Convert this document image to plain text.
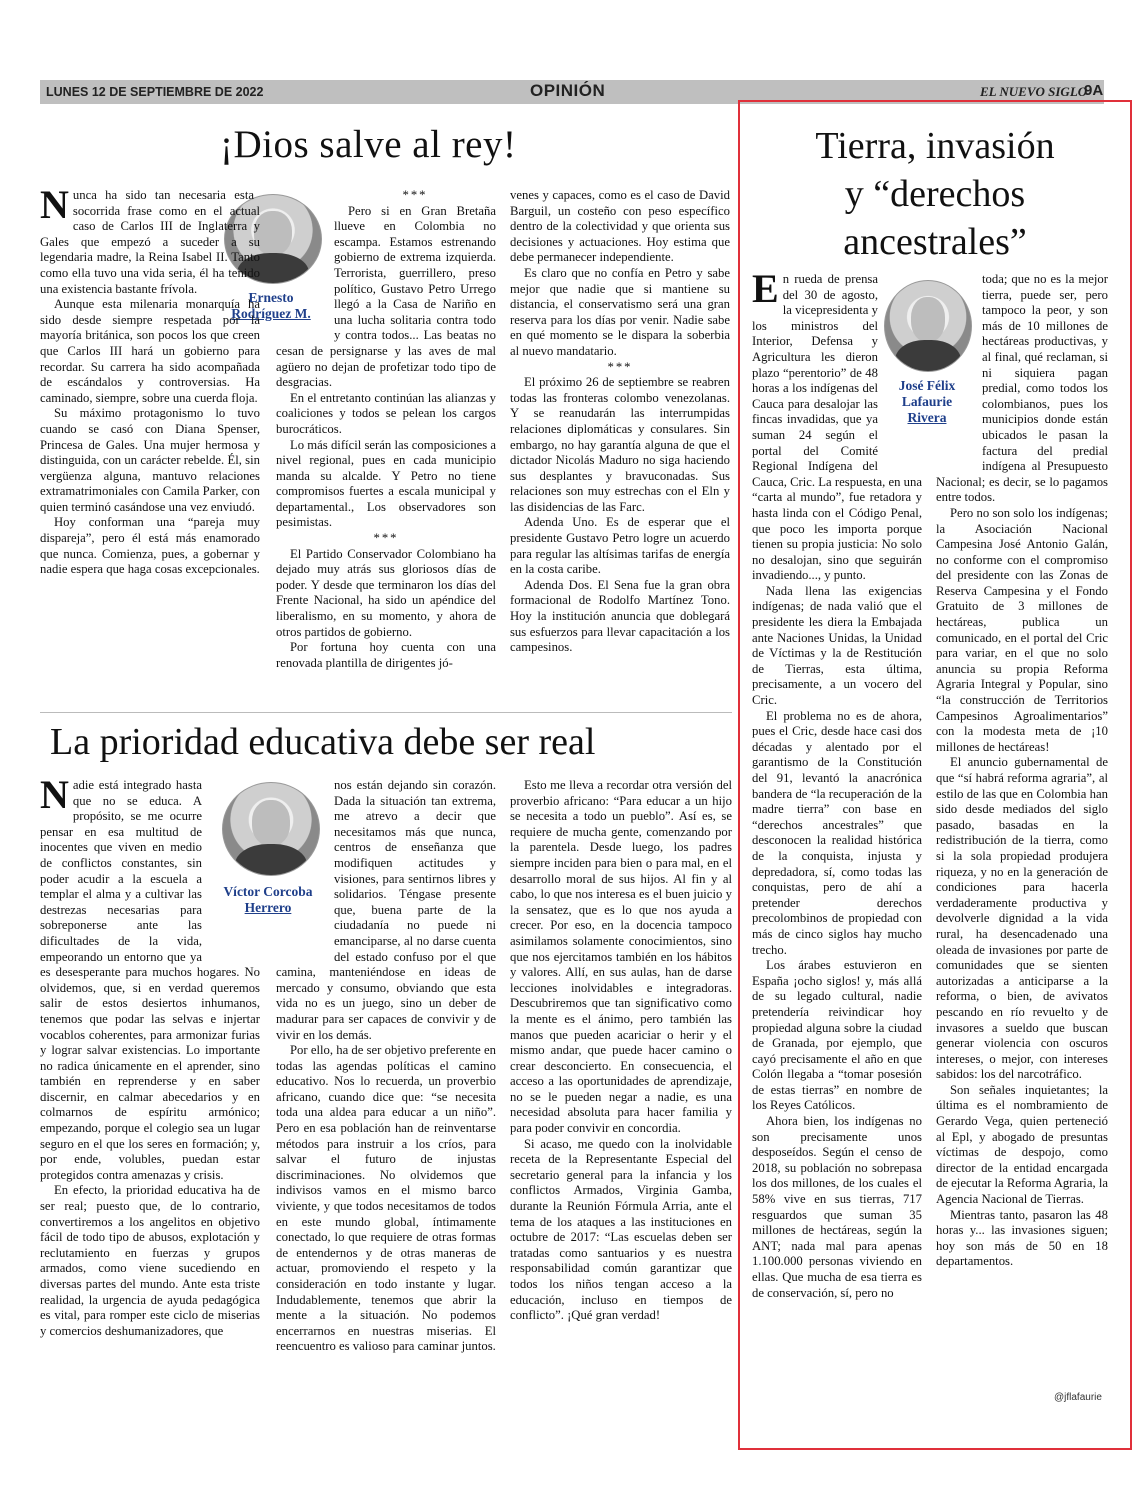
LUNES 12 DE SEPTIEMBRE DE 2022	OPINIÓN	EL NUEVO SIGLO
9A
¡Dios salve al rey!
Ernesto
Rodríguez M.

Nunca ha sido tan necesaria esta socorrida frase como en el actual caso de Carlos III de Inglaterra y Gales que empezó a suceder a su legendaria madre, la Reina Isabel II. Tanto como ella tuvo una vida seria, él ha tenido una existencia bastante frívola.

Aunque esta milenaria monarquía ha sido desde siempre respetada por la mayoría británica, son pocos los que creen que Carlos III hará un gobierno para recordar. Su carrera ha sido acompañada de escándalos y controversias. Ha caminado, siempre, sobre una cuerda floja.

Su máximo protagonismo lo tuvo cuando se casó con Diana Spenser, Princesa de Gales. Una mujer hermosa y distinguida, con un carácter rebelde. Él, sin vergüenza alguna, mantuvo relaciones extramatrimoniales con Camila Parker, con quien terminó casándose una vez enviudó.

Hoy conforman una “pareja muy dispareja”, pero él está más enamorado que nunca. Comienza, pues, a gobernar y nadie espera que haga cosas excepcionales.

***

Pero si en Gran Bretaña llueve en Colombia no escampa. Estamos estrenando gobierno de extrema izquierda. Terrorista, guerrillero, preso político, Gustavo Petro Urrego llegó a la Casa de Nariño en una lucha solitaria contra todo y contra todos... Las beatas no cesan de persignarse y las aves de mal agüero no dejan de profetizar todo tipo de desgracias.

En el entretanto continúan las alianzas y coaliciones y todos se pelean los cargos burocráticos.

Lo más difícil serán las composiciones a nivel regional, pues en cada municipio manda su alcalde. Y Petro no tiene compromisos fuertes a escala municipal y departamental., Los observadores son pesimistas.

***

El Partido Conservador Colombiano ha dejado muy atrás sus gloriosos días de poder. Y desde que terminaron los días del Frente Nacional, ha sido un apéndice del liberalismo, en su momento, y ahora de otros partidos de gobierno.

Por fortuna hoy cuenta con una renovada plantilla de dirigentes jó-

venes y capaces, como es el caso de David Barguil, un costeño con peso específico dentro de la colectividad y que orienta sus decisiones y actuaciones. Hoy estima que debe permanecer independiente.

Es claro que no confía en Petro y sabe mejor que nadie que si mantiene su distancia, el conservatismo será una gran reserva para los días por venir. Nadie sabe en qué momento se le dispara la soberbia al nuevo mandatario.

***

El próximo 26 de septiembre se reabren todas las fronteras colombo venezolanas. Y se reanudarán las interrumpidas relaciones diplomáticas y consulares. Sin embargo, no hay garantía alguna de que el dictador Nicolás Maduro no siga haciendo sus desplantes y bravuconadas. Sus relaciones son muy estrechas con el Eln y las disidencias de las Farc.

Adenda Uno. Es de esperar que el presidente Gustavo Petro logre un acuerdo para regular las altísimas tarifas de energía en la costa caribe.

Adenda Dos. El Sena fue la gran obra formacional de Rodolfo Martínez Tono. Hoy la institución anuncia que doblegará sus esfuerzos para llevar capacitación a los campesinos.

La prioridad educativa debe ser real
Víctor Corcoba
Herrero

Nadie está integrado hasta que no se educa. A propósito, se me ocurre pensar en esa multitud de inocentes que viven en medio de conflictos constantes, sin poder acudir a la escuela a templar el alma y a cultivar las destrezas necesarias para sobreponerse ante las dificultades de la vida, empeorando un entorno que ya es desesperante para muchos hogares. No olvidemos, que, si en verdad queremos salir de estos desiertos inhumanos, tenemos que podar las selvas e injertar vocablos coherentes, para armonizar furias y lograr salvar existencias. Lo importante no radica únicamente en el aprender, sino también en reprenderse y en saber discernir, en calmar abecedarios y en colmarnos de espíritu armónico; empezando, porque el colegio sea un lugar seguro en el que los seres en formación; y, por ende, volubles, puedan estar protegidos contra amenazas y crisis.

En efecto, la prioridad educativa ha de ser real; puesto que, de lo contrario, convertiremos a los angelitos en objetivo fácil de todo tipo de abusos, explotación y reclutamiento en fuerzas y grupos armados, como viene sucediendo en diversas partes del mundo. Ante esta triste realidad, la urgencia de ayuda pedagógica es vital, para romper este ciclo de miserias y comercios deshumanizadores, que

nos están dejando sin corazón. Dada la situación tan extrema, me atrevo a decir que necesitamos más que nunca, centros de enseñanza que modifiquen actitudes y visiones, para sentirnos libres y solidarios. Téngase presente que, buena parte de la ciudadanía no puede ni emanciparse, al no darse cuenta del estado confuso por el que camina, manteniéndose en ideas de mercado y consumo, obviando que esta vida no es un juego, sino un deber de madurar para ser capaces de convivir y de vivir en los demás.

Por ello, ha de ser objetivo preferente en todas las agendas políticas el camino educativo. Nos lo recuerda, un proverbio africano, cuando dice que: “se necesita toda una aldea para educar a un niño”. Pero en esa población han de reinventarse métodos para instruir a los críos, para salvar el futuro de injustas discriminaciones. No olvidemos que indivisos vamos en el mismo barco viviente, y que todos necesitamos de todos en este mundo global, íntimamente conectado, lo que requiere de otras formas de entendernos y de otras maneras de actuar, promoviendo el respeto y la consideración en todo instante y lugar. Indudablemente, tenemos que abrir la mente a la situación. No podemos encerrarnos en nuestras miserias. El reencuentro es valioso para caminar juntos.

Esto me lleva a recordar otra versión del proverbio africano: “Para educar a un hijo se necesita a todo un pueblo”. Así es, se requiere de mucha gente, comenzando por la parentela. Desde luego, los padres siempre inciden para bien o para mal, en el desarrollo moral de sus hijos. Al fin y al cabo, lo que nos interesa es el buen juicio y la sensatez, que es lo que nos ayuda a crecer. Por eso, en la docencia tampoco asimilamos solamente conocimientos, sino que nos ejercitamos también en los hábitos y valores. Allí, en sus aulas, han de darse lecciones inolvidables e integradoras. Descubriremos que tan significativo como la mente es el ánimo, pero también las manos que pueden acariciar o herir y el mismo andar, que puede hacer camino o crear desconcierto. En consecuencia, el acceso a las oportunidades de aprendizaje, no se le pueden negar a nadie, es una necesidad absoluta para hacer familia y para poder convivir en concordia.

Si acaso, me quedo con la inolvidable receta de la Representante Especial del secretario general para la infancia y los conflictos Armados, Virginia Gamba, durante la Reunión Fórmula Arria, ante el tema de los ataques a las instituciones en octubre de 2017: “Las escuelas deben ser tratadas como santuarios y es nuestra responsabilidad común garantizar que todos los niños tengan acceso a la educación, incluso en tiempos de conflicto”. ¡Qué gran verdad!

Tierra, invasión
y “derechos
ancestrales”
José Félix
Lafaurie
Rivera

En rueda de prensa del 30 de agosto, la vicepresidenta y los ministros del Interior, Defensa y Agricultura les dieron plazo “perentorio” de 48 horas a los indígenas del Cauca para desalojar las fincas invadidas, que ya suman 24 según el portal del Comité Regional Indígena del Cauca, Cric. La respuesta, en una “carta al mundo”, fue retadora y hasta linda con el Código Penal, que poco les importa porque tienen su propia justicia: No solo no desalojan, sino que seguirán invadiendo..., y punto.

Nada llena las exigencias indígenas; de nada valió que el presidente les diera la Embajada ante Naciones Unidas, la Unidad de Víctimas y la de Restitución de Tierras, esta última, precisamente, a un vocero del Cric.

El problema no es de ahora, pues el Cric, desde hace casi dos décadas y alentado por el garantismo de la Constitución del 91, levantó la anacrónica bandera de “la recuperación de la madre tierra” con base en “derechos ancestrales” que desconocen la realidad histórica de la conquista, injusta y depredadora, sí, como todas las conquistas, pero de ahí a pretender derechos precolombinos de propiedad con más de cinco siglos hay mucho trecho.

Los árabes estuvieron en España ¡ocho siglos! y, más allá de su legado cultural, nadie pretendería reivindicar hoy propiedad alguna sobre la ciudad de Granada, por ejemplo, que cayó precisamente el año en que Colón llegaba a “tomar posesión de estas tierras” en nombre de los Reyes Católicos.

Ahora bien, los indígenas no son precisamente unos desposeídos. Según el censo de 2018, su población no sobrepasa los dos millones, de los cuales el 58% vive en sus tierras, 717 resguardos que suman 35 millones de hectáreas, según la ANT; nada mal para apenas 1.100.000 personas viviendo en ellas. Que mucha de esa tierra es de conservación, sí, pero no

toda; que no es la mejor tierra, puede ser, pero tampoco la peor, y son más de 10 millones de hectáreas productivas, y al final, qué reclaman, si ni siquiera pagan predial, como todos los colombianos, pues los municipios donde están ubicados le pasan la factura del predial indígena al Presupuesto Nacional; es decir, se lo pagamos entre todos.

Pero no son solo los indígenas; la Asociación Nacional Campesina José Antonio Galán, no conforme con el compromiso del presidente con las Zonas de Reserva Campesina y el Fondo Gratuito de 3 millones de hectáreas, publica un comunicado, en el portal del Cric para variar, en el que no solo anuncia su propia Reforma Agraria Integral y Popular, sino “la construcción de Territorios Campesinos Agroalimentarios” con la modesta meta de ¡10 millones de hectáreas!

El anuncio gubernamental de que “sí habrá reforma agraria”, al estilo de las que en Colombia han sido desde mediados del siglo pasado, basadas en la redistribución de la tierra, como si la sola propiedad produjera riqueza, y no en la generación de condiciones para hacerla verdaderamente productiva y devolverle dignidad a la vida rural, ha desencadenado una oleada de invasiones por parte de comunidades que se sienten autorizadas a anticiparse a la reforma, o bien, de avivatos pescando en río revuelto y de invasores a sueldo que buscan generar violencia con oscuros intereses, o mejor, con intereses sabidos: los del narcotráfico.

Son señales inquietantes; la última es el nombramiento de Gerardo Vega, quien perteneció al Epl, y abogado de presuntas víctimas de despojo, como director de la entidad encargada de ejecutar la Reforma Agraria, la Agencia Nacional de Tierras.

Mientras tanto, pasaron las 48 horas y... las invasiones siguen; hoy son más de 50 en 18 departamentos.

@jflafaurie
